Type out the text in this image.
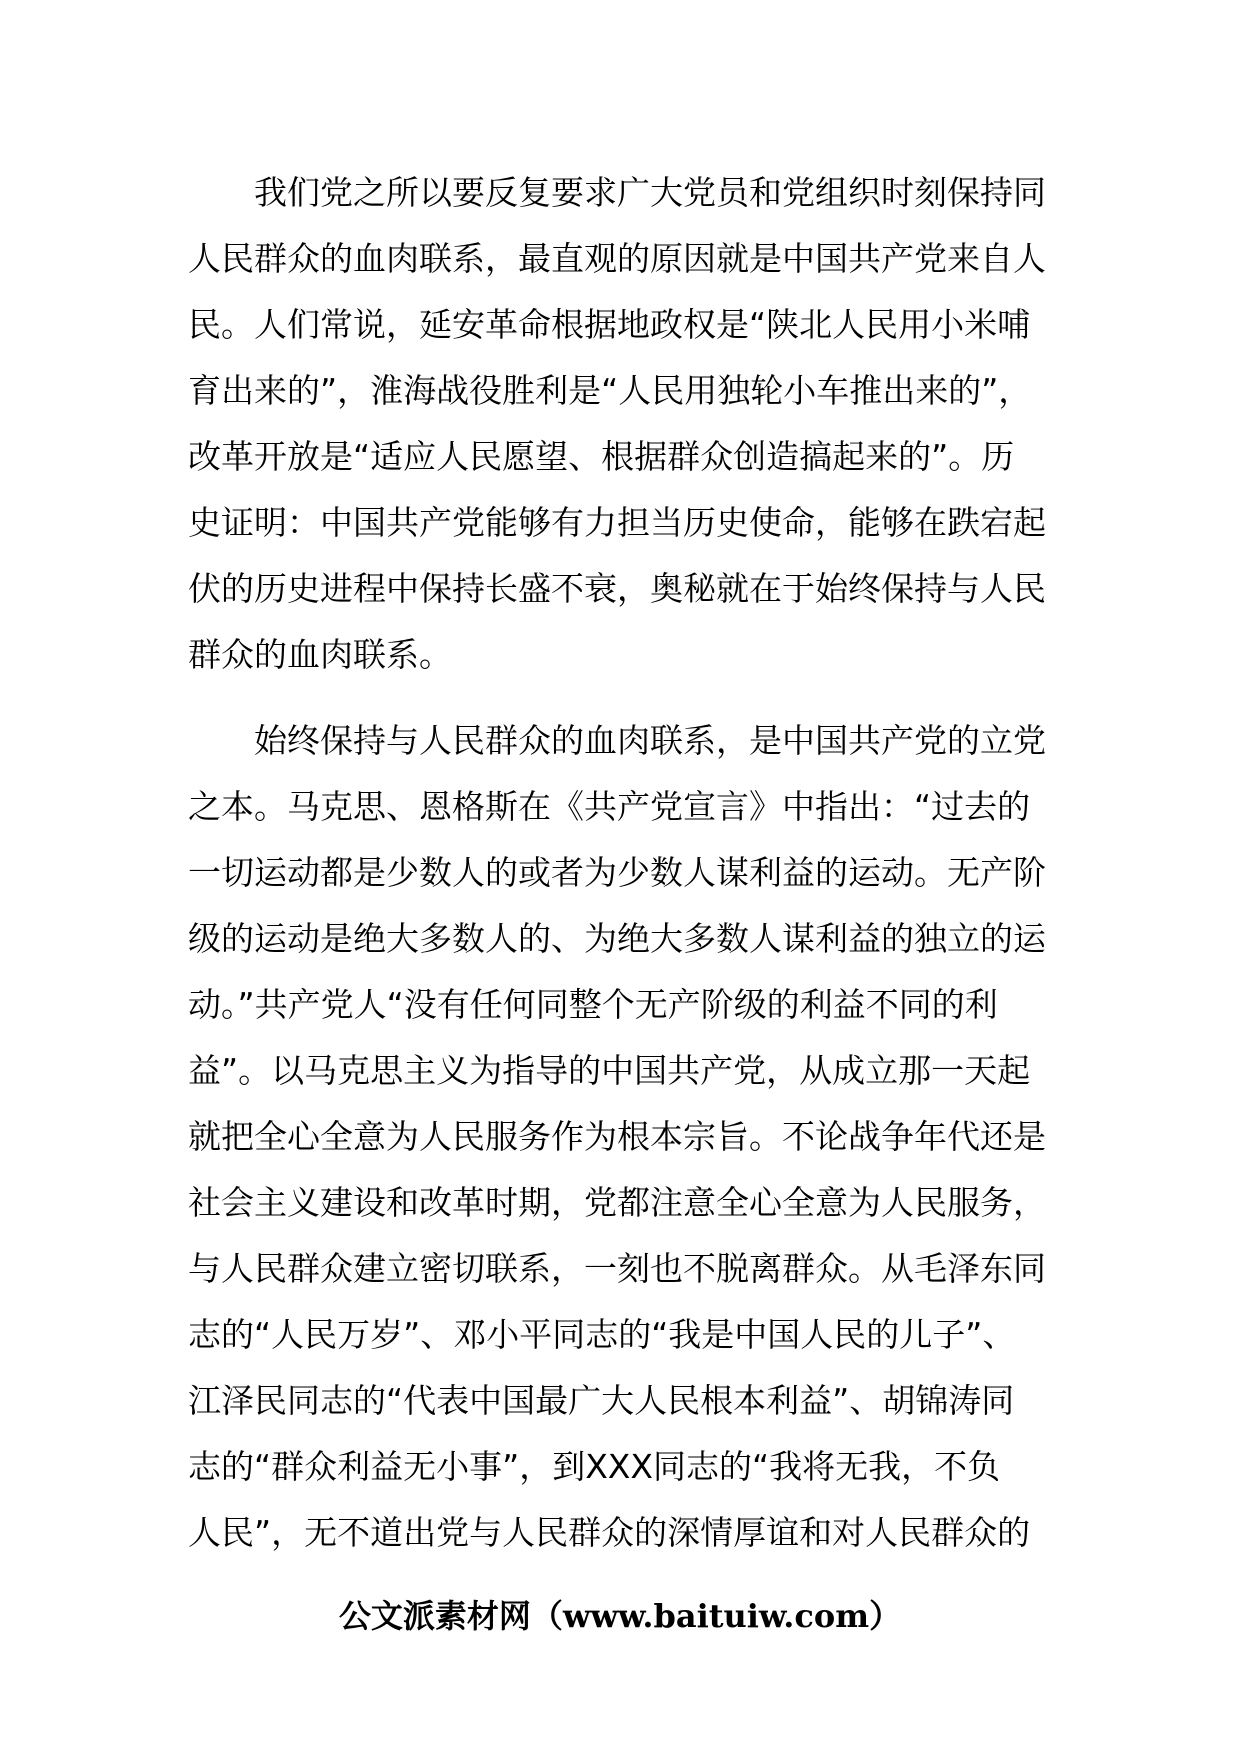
我们党之所以要反复要求广大党员和党组织时刻保持同
人民群众的血肉联系，最直观的原因就是中国共产党来自人
民。人们常说，延安革命根据地政权是“陕北人民用小米哺
育出来的”，淮海战役胜利是“人民用独轮小车推出来的”，
改革开放是“适应人民愿望、根据群众创造搞起来的”。历
史证明：中国共产党能够有力担当历史使命，能够在跌宕起
伏的历史进程中保持长盛不衰，奥秘就在于始终保持与人民
群众的血肉联系。
始终保持与人民群众的血肉联系，是中国共产党的立党
之本。马克思、恩格斯在《共产党宣言》中指出：“过去的
一切运动都是少数人的或者为少数人谋利益的运动。无产阶
级的运动是绝大多数人的、为绝大多数人谋利益的独立的运
动。”共产党人“没有任何同整个无产阶级的利益不同的利
益”。以马克思主义为指导的中国共产党，从成立那一天起
就把全心全意为人民服务作为根本宗旨。不论战争年代还是
社会主义建设和改革时期，党都注意全心全意为人民服务，
与人民群众建立密切联系，一刻也不脱离群众。从毛泽东同
志的“人民万岁”、邓小平同志的“我是中国人民的儿子”、
江泽民同志的“代表中国最广大人民根本利益”、胡锦涛同
志的“群众利益无小事”，到XXX同志的“我将无我，不负
人民”，无不道出党与人民群众的深情厚谊和对人民群众的
公文派素材网（www.baituiw.com）
